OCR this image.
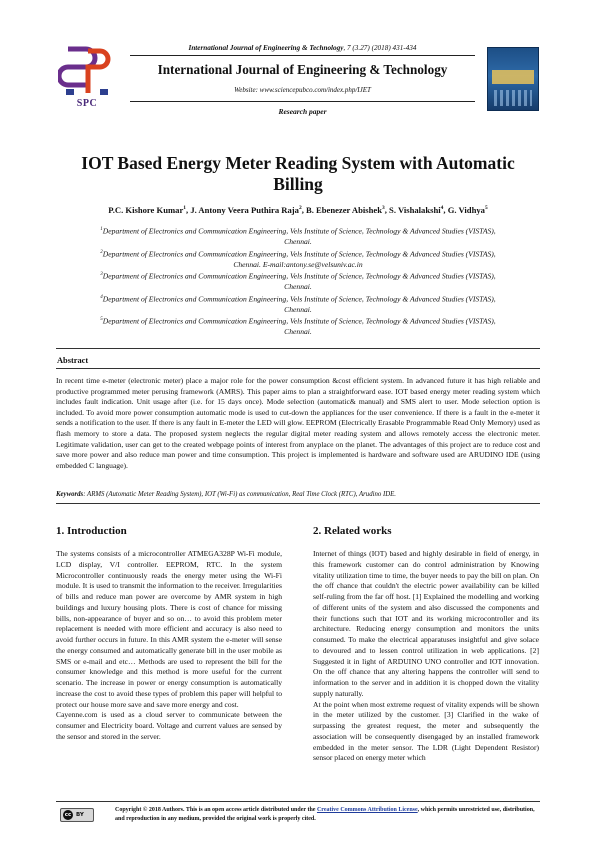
SPC
International Journal of Engineering & Technology, 7 (3.27) (2018) 431-434
International Journal of Engineering & Technology
Website: www.sciencepubco.com/index.php/IJET
Research paper
IOT Based Energy Meter Reading System with Automatic
Billing
P.C. Kishore Kumar$^1$, J. Antony Veera Puthira Raja$^2$, B. Ebenezer Abishek$^3$, S. Vishalakshi$^4$, G. Vidhya$^5$
$^1$Department of Electronics and Communication Engineering, Vels Institute of Science, Technology & Advanced Studies (VISTAS),
Chennai.
$^2$Department of Electronics and Communication Engineering, Vels Institute of Science, Technology & Advanced Studies (VISTAS),
Chennai. E-mail:antony.se@velsuniv.ac.in
$^3$Department of Electronics and Communication Engineering, Vels Institute of Science, Technology & Advanced Studies (VISTAS),
Chennai.
$^4$Department of Electronics and Communication Engineering, Vels Institute of Science, Technology & Advanced Studies (VISTAS),
Chennai.
$^5$Department of Electronics and Communication Engineering, Vels Institute of Science, Technology & Advanced Studies (VISTAS),
Chennai.
Abstract
In recent time e-meter (electronic meter) place a major role for the power consumption &cost efficient system. In advanced future it has high reliable and productive programmed meter perusing framework (AMRS). This paper aims to plan a straightforward ease. IOT based energy meter reading system which includes fault indication. Unit usage after (i.e. for 15 days once). Mode selection (automatic& manual) and SMS alert to user. Mode selection option is included. To avoid more power consumption automatic mode is used to cut-down the appliances for the user convenience. If there is a fault in the e-meter it sends a notification to the user. If there is any fault in E-meter the LED will glow. EEPROM (Electrically Erasable Programmable Read Only Memory) used as flash memory to store a data. The proposed system neglects the regular digital meter reading system and allows remotely access the electronic meter. Legitimate validation, user can get to the created webpage points of interest from anyplace on the planet. The advantages of this project are to reduce cost and save more power and also reduce man power and time consumption. This project is implemented is hardware and software used are ARUDINO IDE (using embedded C language).
Keywords: ARMS (Automatic Meter Reading System), IOT (Wi-Fi) as communication, Real Time Clock (RTC), Arudino IDE.
1. Introduction	2. Related works

The systems consists of a microcontroller ATMEGA328P Wi-Fi module, LCD display, V/I controller. EEPROM, RTC. In the system Microcontroller continuously reads the energy meter using the Wi-Fi module. It is used to transmit the information to the receiver. Irregularities of bills and reduce man power are overcome by AMR system in high buildings and luxury housing plots. There is cost of chance for missing bills, non-appearance of buyer and so on… to avoid this problem meter replacement is needed with more efficient and accuracy is also need to avoid further occurs in future. In this AMR system the e-meter will sense the energy consumed and automatically generate bill in the user mobile as SMS or e-mail and etc… Methods are used to represent the bill for the consumer knowledge and this method is more useful for the current scenario. The increase in power or energy consumption is automatically increase the cost to avoid these types of problem this paper will helpful to protect our house more save and save more energy and cost.

Cayenne.com is used as a cloud server to communicate between the consumer and Electricity board. Voltage and current values are sensed by the sensor and stored in the server.

Internet of things (IOT) based and highly desirable in field of energy, in this framework customer can do control administration by Knowing vitality utilization time to time, the buyer needs to pay the bill on plan. On the off chance that couldn't the electric power availability can be killed self-ruling from the far off host. [1] Explained the modelling and working of different units of the system and also discussed the components and their functions such that IOT and its working microcontroller and its architecture. Reducing energy consumption and monitors the units consumed. To make the electrical apparatuses insightful and give solace to devoured and to lessen control utilization in web applications. [2] Suggested it in light of ARDUINO UNO controller and IOT innovation. On the off chance that any altering happens the controller will send to information to the server and in addition it is chopped down the vitality supply naturally.

At the point when most extreme request of vitality expends will be shown in the meter utilized by the customer. [3] Clarified in the wake of surpassing the greatest request, the meter and subsequently the association will be consequently disengaged by an installed framework embedded in the meter sensor. The LDR (Light Dependent Resistor) sensor placed on energy meter which

cc BY
Copyright © 2018 Authors. This is an open access article distributed under the Creative Commons Attribution License, which permits unrestricted use, distribution, and reproduction in any medium, provided the original work is properly cited.
